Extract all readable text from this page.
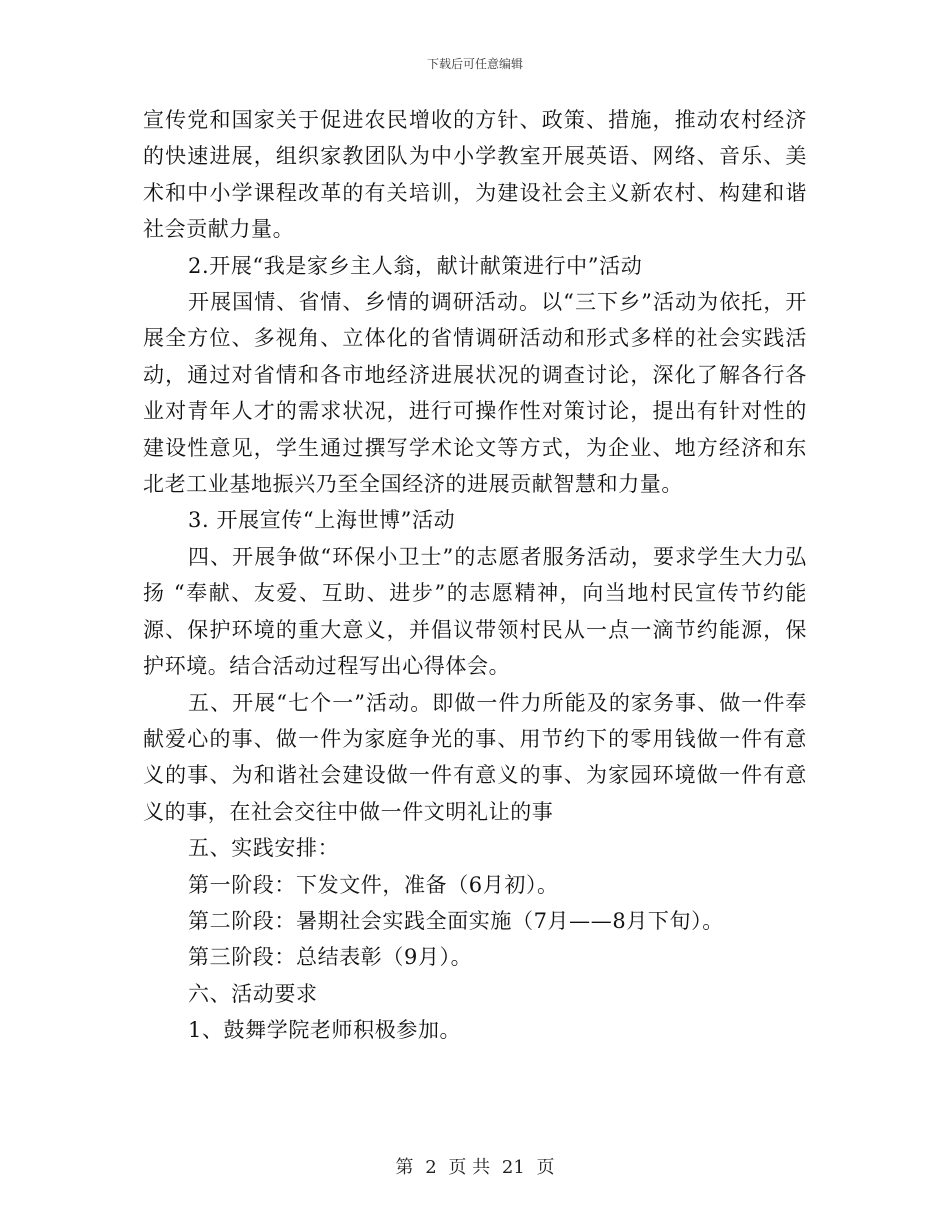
下载后可任意编辑

宣传党和国家关于促进农民增收的方针、政策、措施，推动农村经济的快速进展，组织家教团队为中小学教室开展英语、网络、音乐、美术和中小学课程改革的有关培训，为建设社会主义新农村、构建和谐社会贡献力量。

2.开展“我是家乡主人翁，献计献策进行中”活动

开展国情、省情、乡情的调研活动。以“三下乡”活动为依托，开展全方位、多视角、立体化的省情调研活动和形式多样的社会实践活动，通过对省情和各市地经济进展状况的调查讨论，深化了解各行各业对青年人才的需求状况，进行可操作性对策讨论，提出有针对性的建设性意见，学生通过撰写学术论文等方式，为企业、地方经济和东北老工业基地振兴乃至全国经济的进展贡献智慧和力量。

3. 开展宣传“上海世博”活动

四、开展争做“环保小卫士”的志愿者服务活动，要求学生大力弘扬 “奉献、友爱、互助、进步”的志愿精神，向当地村民宣传节约能源、保护环境的重大意义，并倡议带领村民从一点一滴节约能源，保护环境。结合活动过程写出心得体会。

五、开展“七个一”活动。即做一件力所能及的家务事、做一件奉献爱心的事、做一件为家庭争光的事、用节约下的零用钱做一件有意义的事、为和谐社会建设做一件有意义的事、为家园环境做一件有意义的事，在社会交往中做一件文明礼让的事

五、实践安排：

第一阶段：下发文件，准备（6月初）。

第二阶段：暑期社会实践全面实施（7月——8月下旬）。

第三阶段：总结表彰（9月）。

六、活动要求

1、鼓舞学院老师积极参加。

第 2 页 共 21 页
